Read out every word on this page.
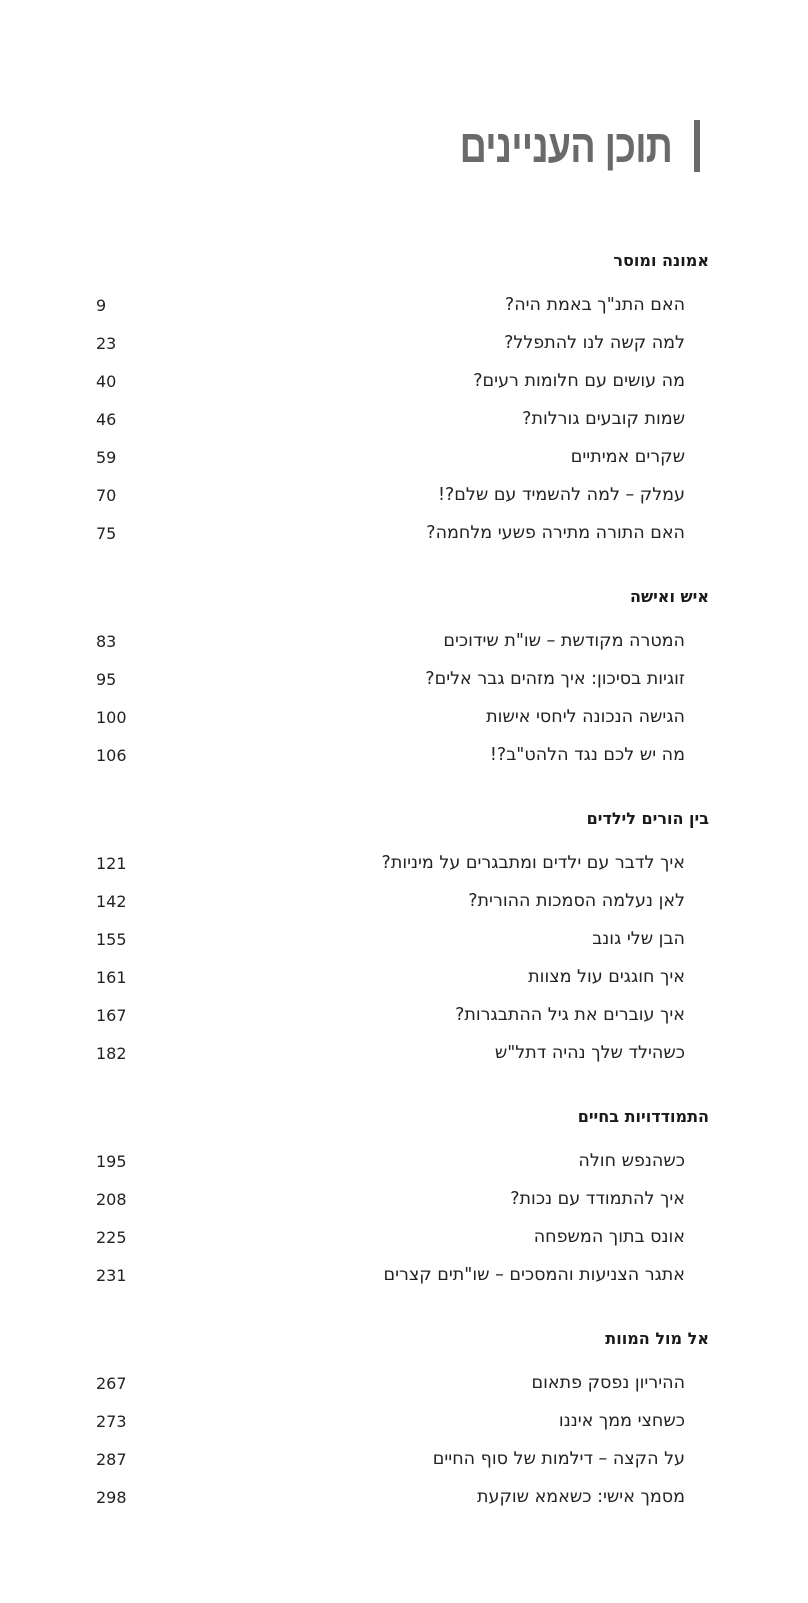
תוכן העניינים
אמונה ומוסר
האם התנ"ך באמת היה?
9
למה קשה לנו להתפלל?
23
מה עושים עם חלומות רעים?
40
שמות קובעים גורלות?
46
שקרים אמיתיים
59
עמלק – למה להשמיד עם שלם?!
70
האם התורה מתירה פשעי מלחמה?
75
איש ואישה
המטרה מקודשת – שו"ת שידוכים
83
זוגיות בסיכון: איך מזהים גבר אלים?
95
הגישה הנכונה ליחסי אישות
100
מה יש לכם נגד הלהט"ב?!
106
בין הורים לילדים
איך לדבר עם ילדים ומתבגרים על מיניות?
121
לאן נעלמה הסמכות ההורית?
142
הבן שלי גונב
155
איך חוגגים עול מצוות
161
איך עוברים את גיל ההתבגרות?
167
כשהילד שלך נהיה דתל"ש
182
התמודדויות בחיים
כשהנפש חולה
195
איך להתמודד עם נכות?
208
אונס בתוך המשפחה
225
אתגר הצניעות והמסכים – שו"תים קצרים
231
אל מול המוות
ההיריון נפסק פתאום
267
כשחצי ממך איננו
273
על הקצה – דילמות של סוף החיים
287
מסמך אישי: כשאמא שוקעת
298
